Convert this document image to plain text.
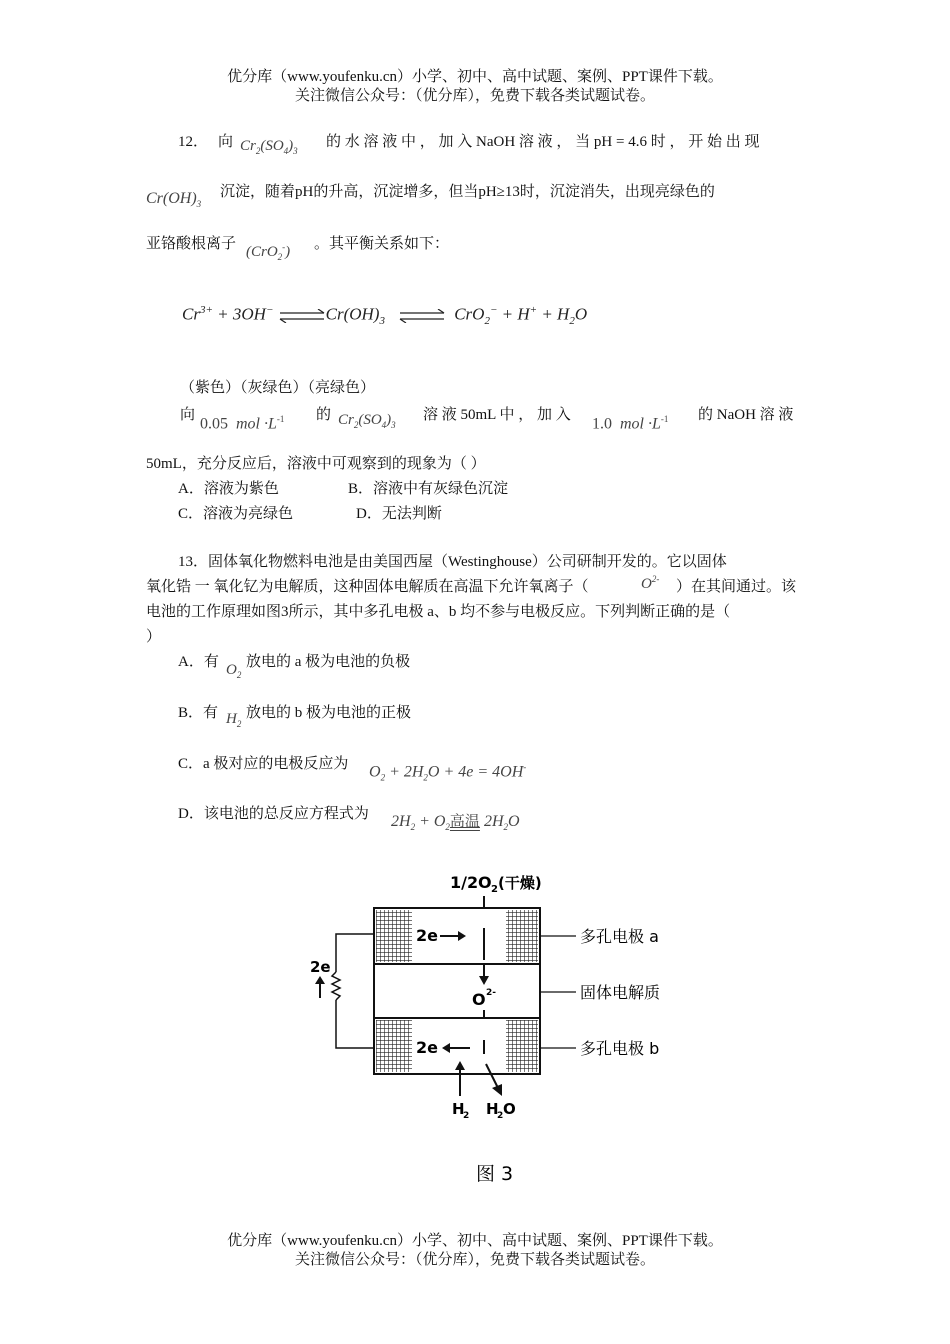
优分库（www.youfenku.cn）小学、初中、高中试题、案例、PPT课件下载。
关注微信公众号：（优分库），免费下载各类试题试卷。
12． 向 $Cr_2(SO_4)_3$
的 水 溶 液 中 ， 加 入 NaOH 溶 液 ， 当 pH = 4.6 时 ， 开 始 出 现
$Cr(OH)_3$
沉淀，随着pH的升高，沉淀增多，但当pH≥13时，沉淀消失，出现亮绿色的
亚铬酸根离子 (CrO$_2$-) 。其平衡关系如下：
$Cr^{3+} + 3OH^-$ $\rightleftharpoons Cr(OH)_3$ ⇌ $CrO_2^- + H^+ + H_2O$
（紫色）（灰绿色）（亮绿色）
向
0.05 mol $\cdot L^{-1}$ 的 $Cr_2(SO_4)_3$
溶 液 50mL 中 ， 加 入
1.0 mol $\cdot L^{-1}$ 的 NaOH 溶 液
50mL，充分反应后，溶液中可观察到的现象为（ ）
A．溶液为紫色	B．溶液中有灰绿色沉淀
C．溶液为亮绿色	D．无法判断
13．固体氧化物燃料电池是由美国西屋（Westinghouse）公司研制开发的。它以固体
氧化锆 一 氧化钇为电解质，这种固体电解质在高温下允许氧离子（	$O^{2-}$ ）在其间通过。该
电池的工作原理如图3所示，其中多孔电极 a、b 均不参与电极反应。下列判断正确的是（
）
A．有 $O_2$
放电的 a 极为电池的负极
B．有 $H_2$
放电的 b 极为电池的正极
C．a 极对应的电极反应为 $O_2 + 2H_2O + 4e = 4OH^-$
D．该电池的总反应方程式为 $2H_2 + O_2$高温 $2H_2O$
1/2 O 2 (干燥)
2e
O 2-
2e
H
2 H
2 O
2e
多孔电极 a
固体电解质
多孔电极 b
图 3
优分库（www.youfenku.cn）小学、初中、高中试题、案例、PPT课件下载。
关注微信公众号：（优分库），免费下载各类试题试卷。
